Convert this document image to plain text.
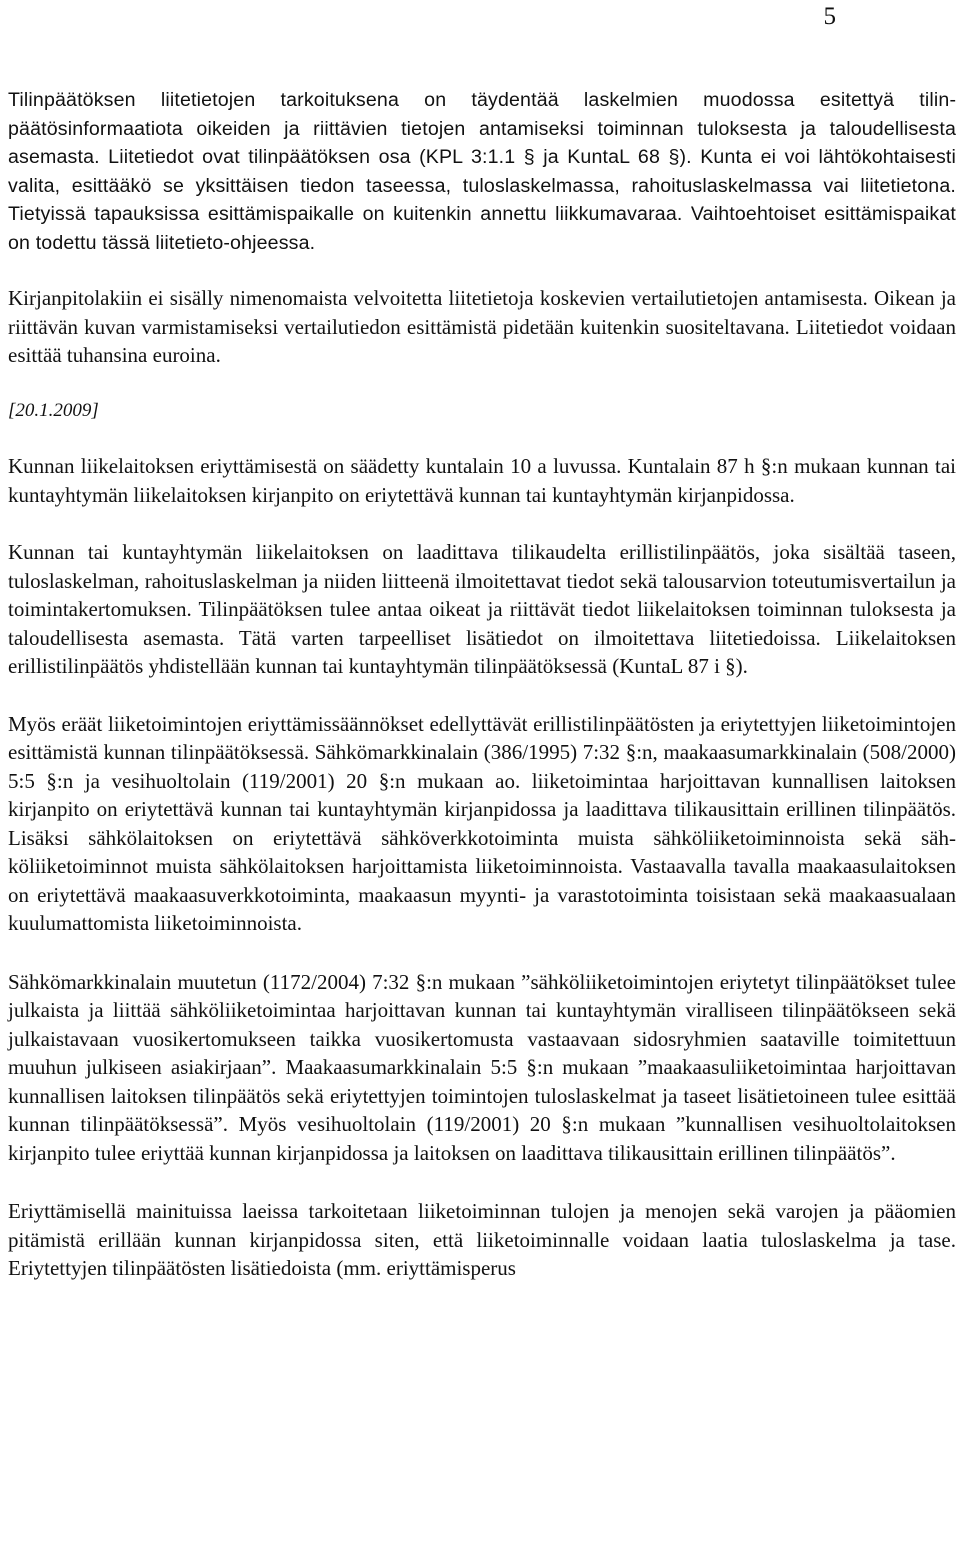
5

Tilinpäätöksen liitetietojen tarkoituksena on täydentää laskelmien muodossa esitettyä tilinpäätösinformaatiota oikeiden ja riittävien tietojen antamiseksi toiminnan tuloksesta ja taloudellisesta asemasta. Liitetiedot ovat tilinpäätöksen osa (KPL 3:1.1 § ja KuntaL 68 §). Kunta ei voi lähtökohtaisesti valita, esittääkö se yksittäisen tiedon taseessa, tuloslaskelmassa, rahoituslaskelmassa vai liitetietona. Tietyissä tapauksissa esittämispaikalle on kuitenkin annettu liikkumavaraa. Vaihtoehtoiset esittämispaikat on todettu tässä liitetieto-ohjeessa.

Kirjanpitolakiin ei sisälly nimenomaista velvoitetta liitetietoja koskevien vertailutietojen antamisesta. Oikean ja riittävän kuvan varmistamiseksi vertailutiedon esittämistä pidetään kuitenkin suositeltavana. Liitetiedot voidaan esittää tuhansina euroina.

[20.1.2009]

Kunnan liikelaitoksen eriyttämisestä on säädetty kuntalain 10 a luvussa. Kuntalain 87 h §:n mukaan kunnan tai kuntayhtymän liikelaitoksen kirjanpito on eriytettävä kunnan tai kuntayhtymän kirjanpidossa.

Kunnan tai kuntayhtymän liikelaitoksen on laadittava tilikaudelta erillistilinpäätös, joka sisältää taseen, tuloslaskelman, rahoituslaskelman ja niiden liitteenä ilmoitettavat tiedot sekä talousarvion toteutumisvertailun ja toimintakertomuksen. Tilinpäätöksen tulee antaa oikeat ja riittävät tiedot liikelaitoksen toiminnan tuloksesta ja taloudellisesta asemasta. Tätä varten tarpeelliset lisätiedot on ilmoitettava liitetiedoissa. Liikelaitoksen erillistilinpäätös yhdistellään kunnan tai kuntayhtymän tilinpäätöksessä (KuntaL 87 i §).

Myös eräät liiketoimintojen eriyttämissäännökset edellyttävät erillistilinpäätösten ja eriytettyjen liiketoimintojen esittämistä kunnan tilinpäätöksessä. Sähkömarkkinalain (386/1995) 7:32 §:n, maakaasumarkkinalain (508/2000) 5:5 §:n ja vesihuoltolain (119/2001) 20 §:n mukaan ao. liiketoimintaa harjoittavan kunnallisen laitoksen kirjanpito on eriytettävä kunnan tai kuntayhtymän kirjanpidossa ja laadittava tilikausittain erillinen tilinpäätös. Lisäksi sähkölaitoksen on eriytettävä sähköverkkotoiminta muista sähköliiketoiminnoista sekä sähköliiketoiminnot muista sähkölaitoksen harjoittamista liiketoiminnoista. Vastaavalla tavalla maakaasulaitoksen on eriytettävä maakaasuverkkotoiminta, maakaasun myynti- ja varastotoiminta toisistaan sekä maakaasualaan kuulumattomista liiketoiminnoista.

Sähkömarkkinalain muutetun (1172/2004) 7:32 §:n mukaan ”sähköliiketoimintojen eriytetyt tilinpäätökset tulee julkaista ja liittää sähköliiketoimintaa harjoittavan kunnan tai kuntayhtymän viralliseen tilinpäätökseen sekä julkaistavaan vuosikertomukseen taikka vuosikertomusta vastaavaan sidosryhmien saataville toimitettuun muuhun julkiseen asiakirjaan”. Maakaasumarkkinalain 5:5 §:n mukaan ”maakaasuliiketoimintaa harjoittavan kunnallisen laitoksen tilinpäätös sekä eriytettyjen toimintojen tuloslaskelmat ja taseet lisätietoineen tulee esittää kunnan tilinpäätöksessä”. Myös vesihuoltolain (119/2001) 20 §:n mukaan ”kunnallisen vesihuoltolaitoksen kirjanpito tulee eriyttää kunnan kirjanpidossa ja laitoksen on laadittava tilikausittain erillinen tilinpäätös”.

Eriyttämisellä mainituissa laeissa tarkoitetaan liiketoiminnan tulojen ja menojen sekä varojen ja pääomien pitämistä erillään kunnan kirjanpidossa siten, että liiketoiminnalle voidaan laatia tuloslaskelma ja tase. Eriytettyjen tilinpäätösten lisätiedoista (mm. eriyttämisperus
